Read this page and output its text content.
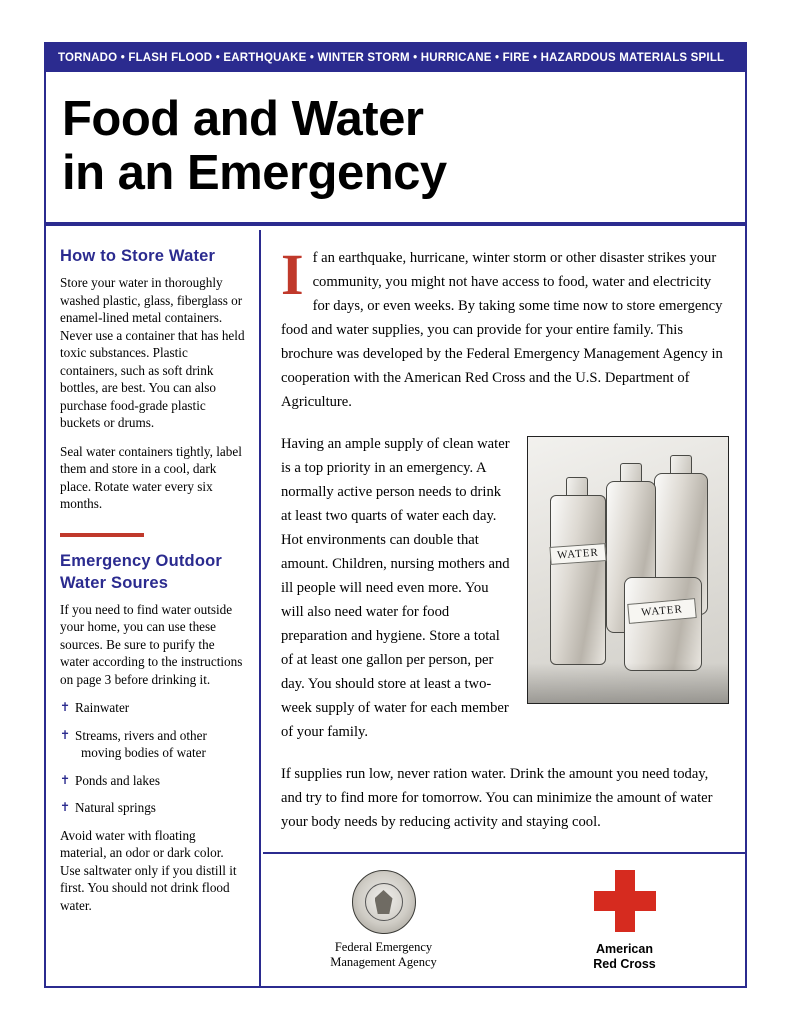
TORNADO • FLASH FLOOD • EARTHQUAKE • WINTER STORM • HURRICANE • FIRE • HAZARDOUS MATERIALS SPILL
Food and Water
in an Emergency
How to Store Water

Store your water in thoroughly washed plastic, glass, fiberglass or enamel-lined metal containers. Never use a container that has held toxic substances. Plastic containers, such as soft drink bottles, are best. You can also purchase food-grade plastic buckets or drums.

Seal water containers tightly, label them and store in a cool, dark place. Rotate water every six months.

Emergency Outdoor
Water Soures

If you need to find water outside your home, you can use these sources. Be sure to purify the water according to the instructions on page 3 before drinking it.

✝ Rainwater
✝ Streams, rivers and other
moving bodies of water
✝ Ponds and lakes
✝ Natural springs

Avoid water with floating material, an odor or dark color. Use saltwater only if you distill it first. You should not drink flood water.

I f an earthquake, hurricane, winter storm or other disaster strikes your community, you might not have access to food, water and electricity for days, or even weeks. By taking some time now to store emergency food and water supplies, you can provide for your entire family. This brochure was developed by the Federal Emergency Management Agency in cooperation with the American Red Cross and the U.S. Department of Agriculture.

WATER
WATER

Having an ample supply of clean water is a top priority in an emergency. A normally active person needs to drink at least two quarts of water each day. Hot environments can double that amount. Children, nursing mothers and ill people will need even more. You will also need water for food preparation and hygiene. Store a total of at least one gallon per person, per day. You should store at least a two-week supply of water for each member of your family.

If supplies run low, never ration water. Drink the amount you need today, and try to find more for tomorrow. You can minimize the amount of water your body needs by reducing activity and staying cool.

Federal Emergency
Management Agency
American
Red Cross
